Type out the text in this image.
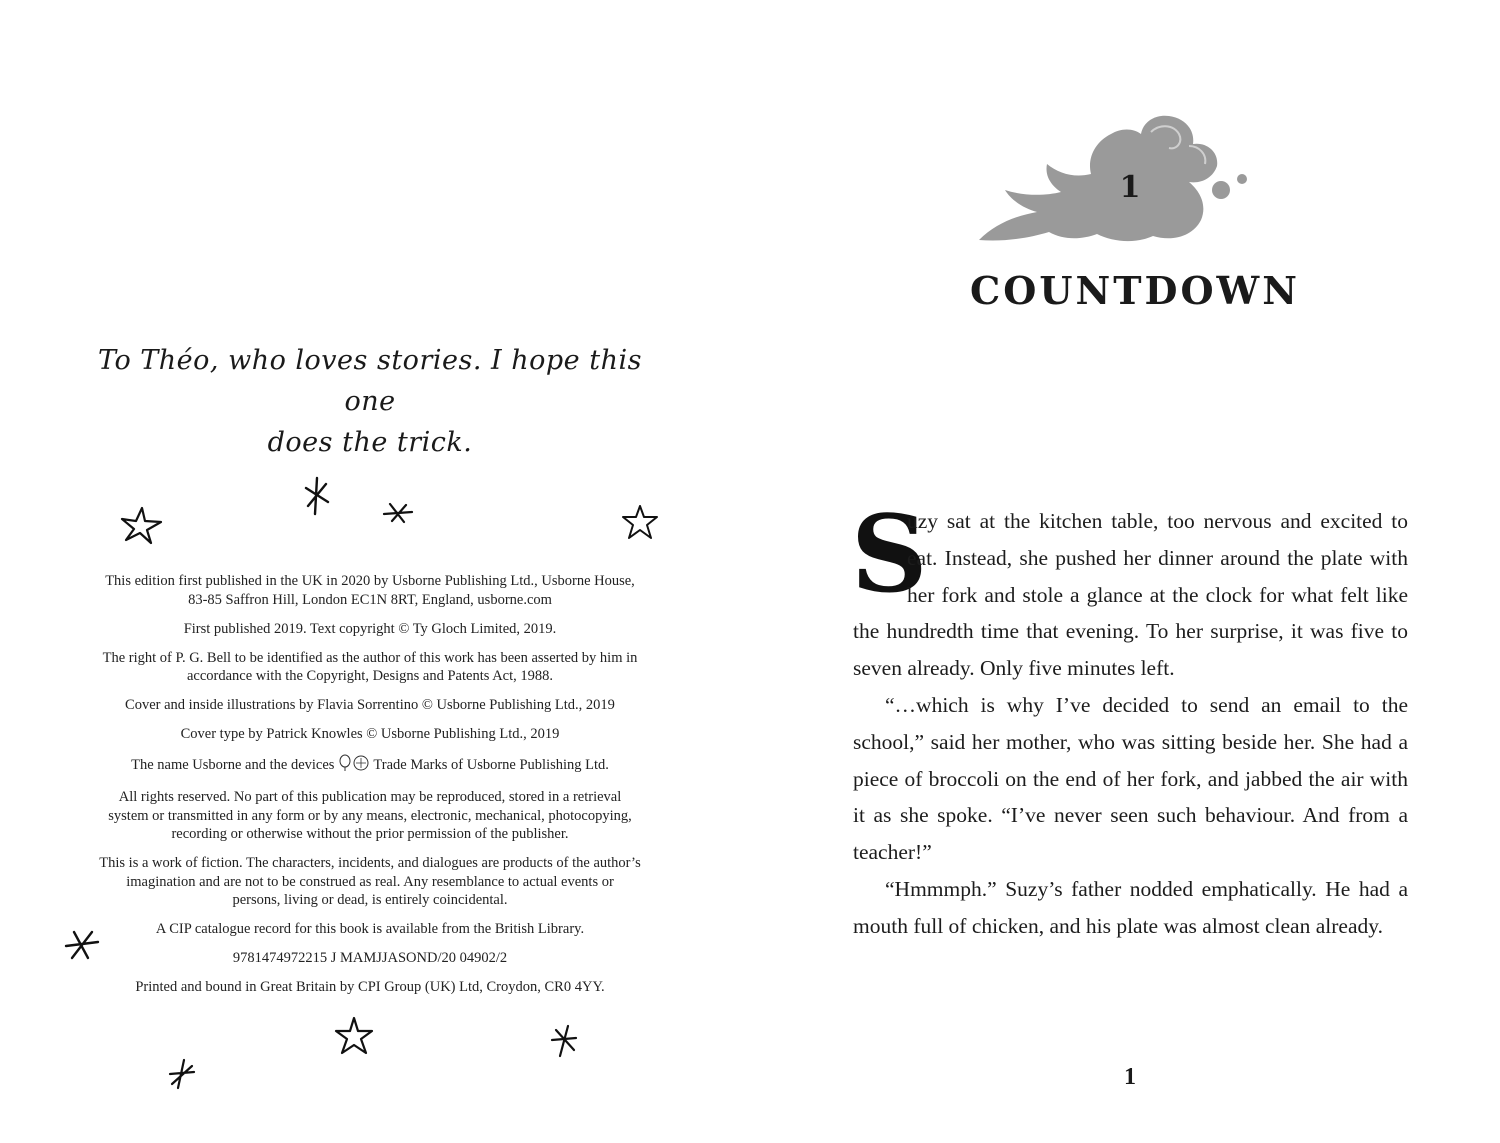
To Théo, who loves stories. I hope this one
does the trick.

This edition first published in the UK in 2020 by Usborne Publishing Ltd., Usborne House,
83-85 Saffron Hill, London EC1N 8RT, England, usborne.com

First published 2019. Text copyright © Ty Gloch Limited, 2019.

The right of P. G. Bell to be identified as the author of this work has been asserted by him in
accordance with the Copyright, Designs and Patents Act, 1988.

Cover and inside illustrations by Flavia Sorrentino © Usborne Publishing Ltd., 2019

Cover type by Patrick Knowles © Usborne Publishing Ltd., 2019

The name Usborne and the devices	Trade Marks of Usborne Publishing Ltd.

All rights reserved. No part of this publication may be reproduced, stored in a retrieval
system or transmitted in any form or by any means, electronic, mechanical, photocopying,
recording or otherwise without the prior permission of the publisher.

This is a work of fiction. The characters, incidents, and dialogues are products of the author’s
imagination and are not to be construed as real. Any resemblance to actual events or
persons, living or dead, is entirely coincidental.

A CIP catalogue record for this book is available from the British Library.

9781474972215 J MAMJJASOND/20 04902/2

Printed and bound in Great Britain by CPI Group (UK) Ltd, Croydon, CR0 4YY.

1
COUNTDOWN

S
uzy sat at the kitchen table, too nervous and excited to eat. Instead, she pushed her dinner around the plate with her fork and stole a glance at the clock for what felt like the hundredth time that evening. To her surprise, it was five to seven already. Only five minutes left.

“…which is why I’ve decided to send an email to the school,” said her mother, who was sitting beside her. She had a piece of broccoli on the end of her fork, and jabbed the air with it as she spoke. “I’ve never seen such behaviour. And from a teacher!”

“Hmmmph.” Suzy’s father nodded emphatically. He had a mouth full of chicken, and his plate was almost clean already.

1
